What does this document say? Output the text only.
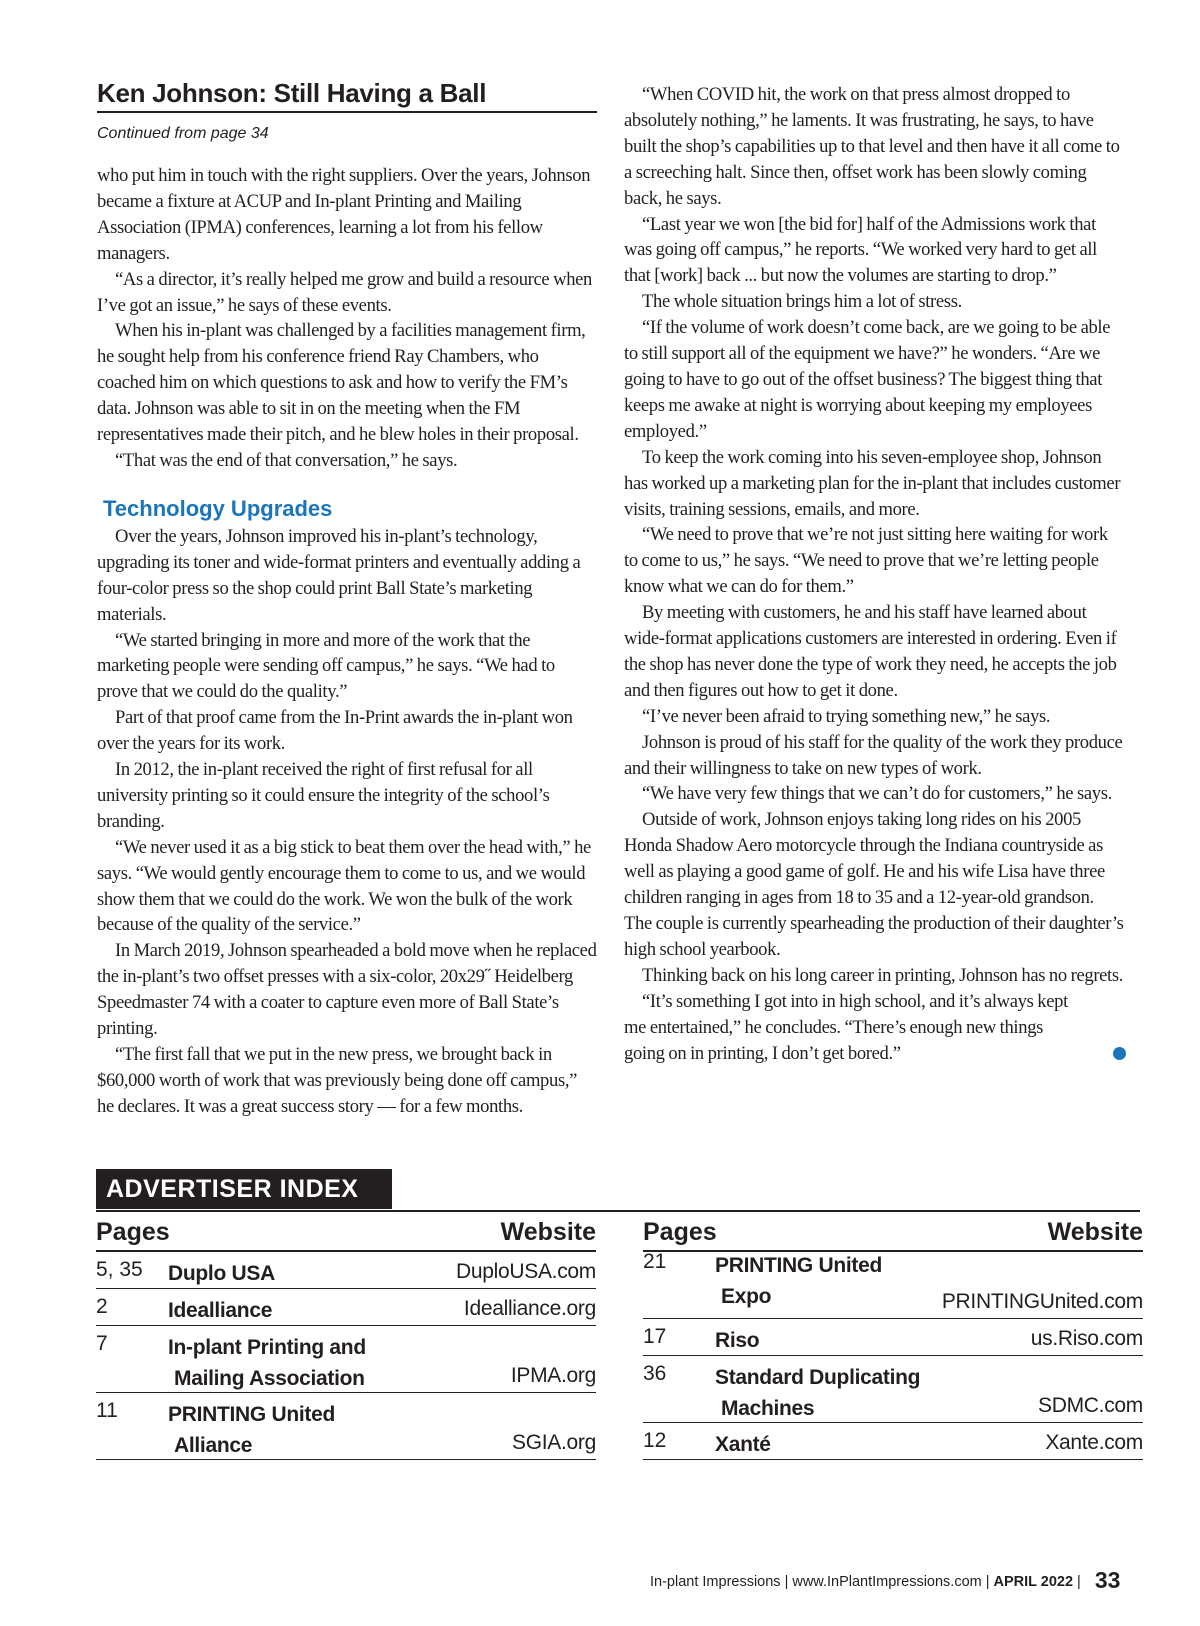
Ken Johnson: Still Having a Ball
Continued from page 34

who put him in touch with the right suppliers. Over the years, Johnson became a fixture at ACUP and In-plant Printing and Mailing Association (IPMA) conferences, learning a lot from his fellow managers.

“As a director, it’s really helped me grow and build a resource when I’ve got an issue,” he says of these events.

When his in-plant was challenged by a facilities management firm, he sought help from his conference friend Ray Chambers, who coached him on which questions to ask and how to verify the FM’s data. Johnson was able to sit in on the meeting when the FM representatives made their pitch, and he blew holes in their proposal.

“That was the end of that conversation,” he says.

Technology Upgrades

Over the years, Johnson improved his in-plant’s technology, upgrading its toner and wide-format printers and eventually adding a four-color press so the shop could print Ball State’s marketing materials.

“We started bringing in more and more of the work that the marketing people were sending off campus,” he says. “We had to prove that we could do the quality.”

Part of that proof came from the In-Print awards the in-plant won over the years for its work.

In 2012, the in-plant received the right of first refusal for all university printing so it could ensure the integrity of the school’s branding.

“We never used it as a big stick to beat them over the head with,” he says. “We would gently encourage them to come to us, and we would show them that we could do the work. We won the bulk of the work because of the quality of the service.”

In March 2019, Johnson spearheaded a bold move when he replaced the in-plant’s two offset presses with a six-color, 20x29˝ Heidelberg Speedmaster 74 with a coater to capture even more of Ball State’s printing.

“The first fall that we put in the new press, we brought back in $60,000 worth of work that was previously being done off campus,” he declares. It was a great success story — for a few months.

“When COVID hit, the work on that press almost dropped to absolutely nothing,” he laments. It was frustrating, he says, to have built the shop’s capabilities up to that level and then have it all come to a screeching halt. Since then, offset work has been slowly coming back, he says.

“Last year we won [the bid for] half of the Admissions work that was going off campus,” he reports. “We worked very hard to get all that [work] back ... but now the volumes are starting to drop.”

The whole situation brings him a lot of stress.

“If the volume of work doesn’t come back, are we going to be able to still support all of the equipment we have?” he wonders. “Are we going to have to go out of the offset business? The biggest thing that keeps me awake at night is worrying about keeping my employees employed.”

To keep the work coming into his seven-employee shop, Johnson has worked up a marketing plan for the in-plant that includes customer visits, training sessions, emails, and more.

“We need to prove that we’re not just sitting here waiting for work to come to us,” he says. “We need to prove that we’re letting people know what we can do for them.”

By meeting with customers, he and his staff have learned about wide-format applications customers are interested in ordering. Even if the shop has never done the type of work they need, he accepts the job and then figures out how to get it done.

“I’ve never been afraid to trying something new,” he says.

Johnson is proud of his staff for the quality of the work they produce and their willingness to take on new types of work.

“We have very few things that we can’t do for customers,” he says.

Outside of work, Johnson enjoys taking long rides on his 2005 Honda Shadow Aero motorcycle through the Indiana countryside as well as playing a good game of golf. He and his wife Lisa have three children ranging in ages from 18 to 35 and a 12-year-old grandson. The couple is currently spearheading the production of their daughter’s high school yearbook.

Thinking back on his long career in printing, Johnson has no regrets.

“It’s something I got into in high school, and it’s always kept me entertained,” he concludes. “There’s enough new things going on in printing, I don’t get bored.”

ADVERTISER INDEX
Pages	Website
5, 35 Duplo USA	DuploUSA.com
2	Idealliance	Idealliance.org
7	In-plant Printing and
Mailing Association	IPMA.org
11 PRINTING United
Alliance	SGIA.org
Pages	Website
21 PRINTING United
Expo	PRINTINGUnited.com
17 Riso	us.Riso.com
36 Standard Duplicating
Machines	SDMC.com
12 Xanté	Xante.com
In-plant Impressions | www.InPlantImpressions.com | APRIL 2022 | 33
